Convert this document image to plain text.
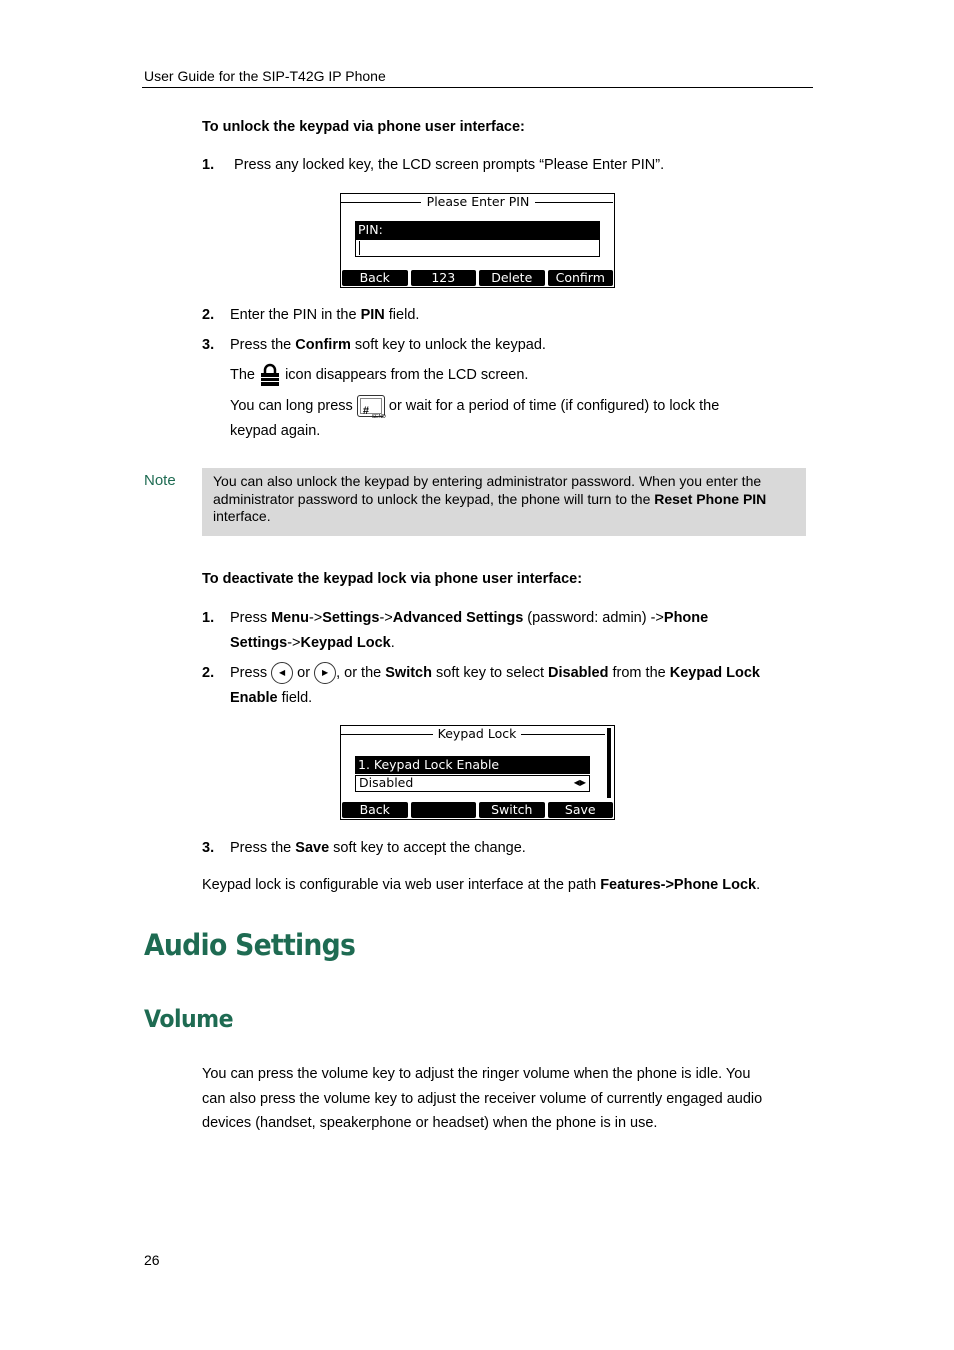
User Guide for the SIP-T42G IP Phone
To unlock the keypad via phone user interface:
1. Press any locked key, the LCD screen prompts “Please Enter PIN”.
Please Enter PIN
PIN:
Back	123	Delete	Confirm
2. Enter the PIN in the PIN field.
3. Press the Confirm soft key to unlock the keypad.
The icon disappears from the LCD screen.
You can long press # SEND
or wait for a period of time (if configured) to lock the
keypad again.
Note	You can also unlock the keypad by entering administrator password. When you enter the
administrator password to unlock the keypad, the phone will turn to the Reset Phone PIN
interface.
To deactivate the keypad lock via phone user interface:
1. Press Menu->Settings->Advanced Settings (password: admin) ->Phone
Settings->Keypad Lock.
2. Press ◀ or ▶ , or the Switch soft key to select Disabled from the Keypad Lock
Enable field.
Keypad Lock
1. Keypad Lock Enable
Disabled	◀▶
Back	Switch	Save
3. Press the Save soft key to accept the change.
Keypad lock is configurable via web user interface at the path Features->Phone Lock.
Audio Settings
Volume
You can press the volume key to adjust the ringer volume when the phone is idle. You
can also press the volume key to adjust the receiver volume of currently engaged audio
devices (handset, speakerphone or headset) when the phone is in use.
26
